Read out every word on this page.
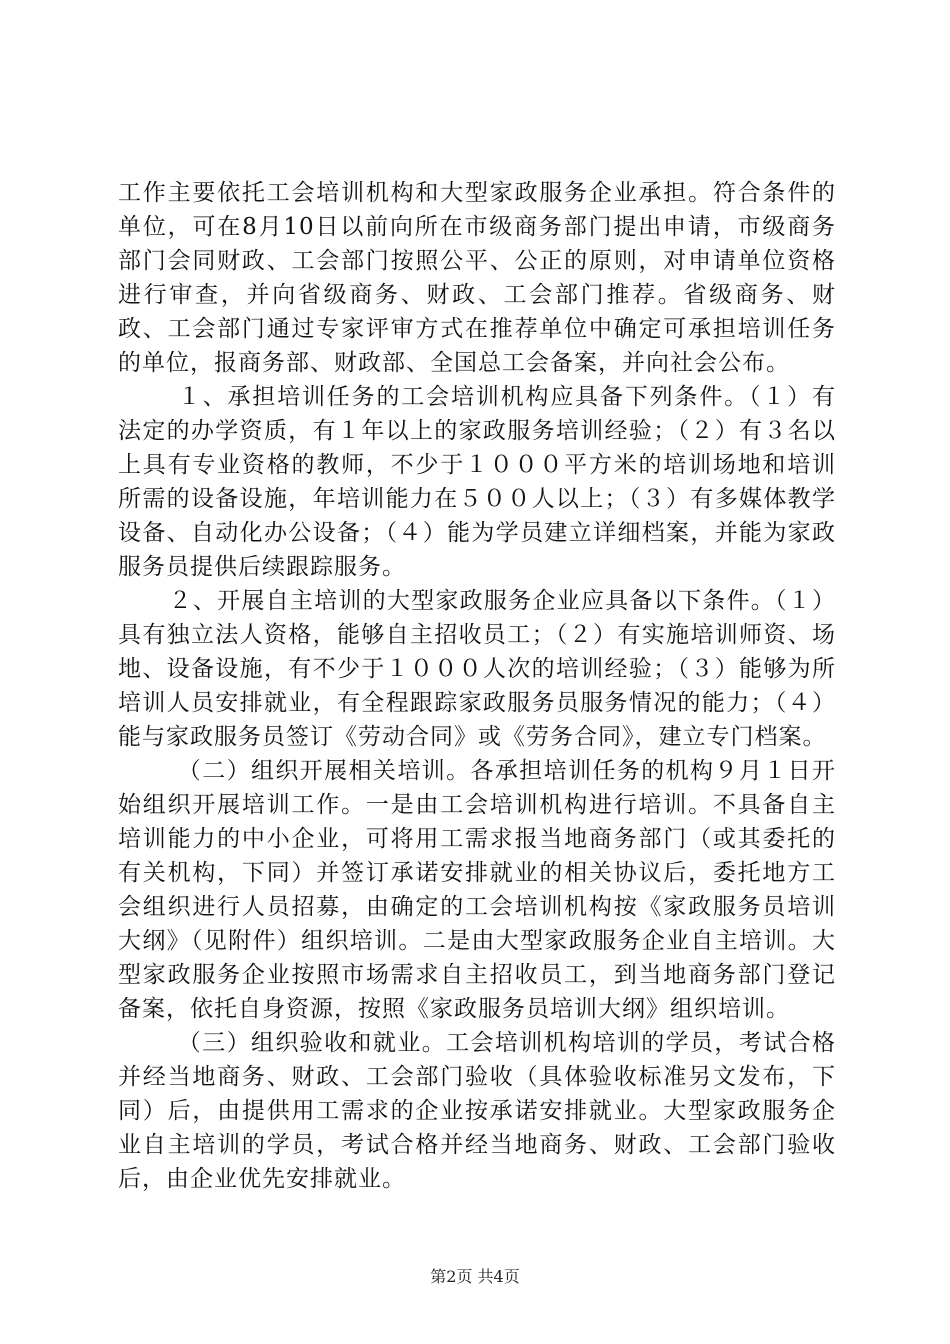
工作主要依托工会培训机构和大型家政服务企业承担。符合条件的单位，可在8月10日以前向所在市级商务部门提出申请，市级商务部门会同财政、工会部门按照公平、公正的原则，对申请单位资格进行审查，并向省级商务、财政、工会部门推荐。省级商务、财政、工会部门通过专家评审方式在推荐单位中确定可承担培训任务的单位，报商务部、财政部、全国总工会备案，并向社会公布。

１、承担培训任务的工会培训机构应具备下列条件。（１）有法定的办学资质，有１年以上的家政服务培训经验；（２）有３名以上具有专业资格的教师，不少于１０００平方米的培训场地和培训所需的设备设施，年培训能力在５００人以上；（３）有多媒体教学设备、自动化办公设备；（４）能为学员建立详细档案，并能为家政服务员提供后续跟踪服务。

２、开展自主培训的大型家政服务企业应具备以下条件。（１）具有独立法人资格，能够自主招收员工；（２）有实施培训师资、场地、设备设施，有不少于１０００人次的培训经验；（３）能够为所培训人员安排就业，有全程跟踪家政服务员服务情况的能力；（４）能与家政服务员签订《劳动合同》或《劳务合同》，建立专门档案。

（二）组织开展相关培训。各承担培训任务的机构９月１日开始组织开展培训工作。一是由工会培训机构进行培训。不具备自主培训能力的中小企业，可将用工需求报当地商务部门（或其委托的有关机构，下同）并签订承诺安排就业的相关协议后，委托地方工会组织进行人员招募，由确定的工会培训机构按《家政服务员培训大纲》（见附件）组织培训。二是由大型家政服务企业自主培训。大型家政服务企业按照市场需求自主招收员工，到当地商务部门登记备案，依托自身资源，按照《家政服务员培训大纲》组织培训。

（三）组织验收和就业。工会培训机构培训的学员，考试合格并经当地商务、财政、工会部门验收（具体验收标准另文发布，下同）后，由提供用工需求的企业按承诺安排就业。大型家政服务企业自主培训的学员，考试合格并经当地商务、财政、工会部门验收后，由企业优先安排就业。

第2页 共4页
